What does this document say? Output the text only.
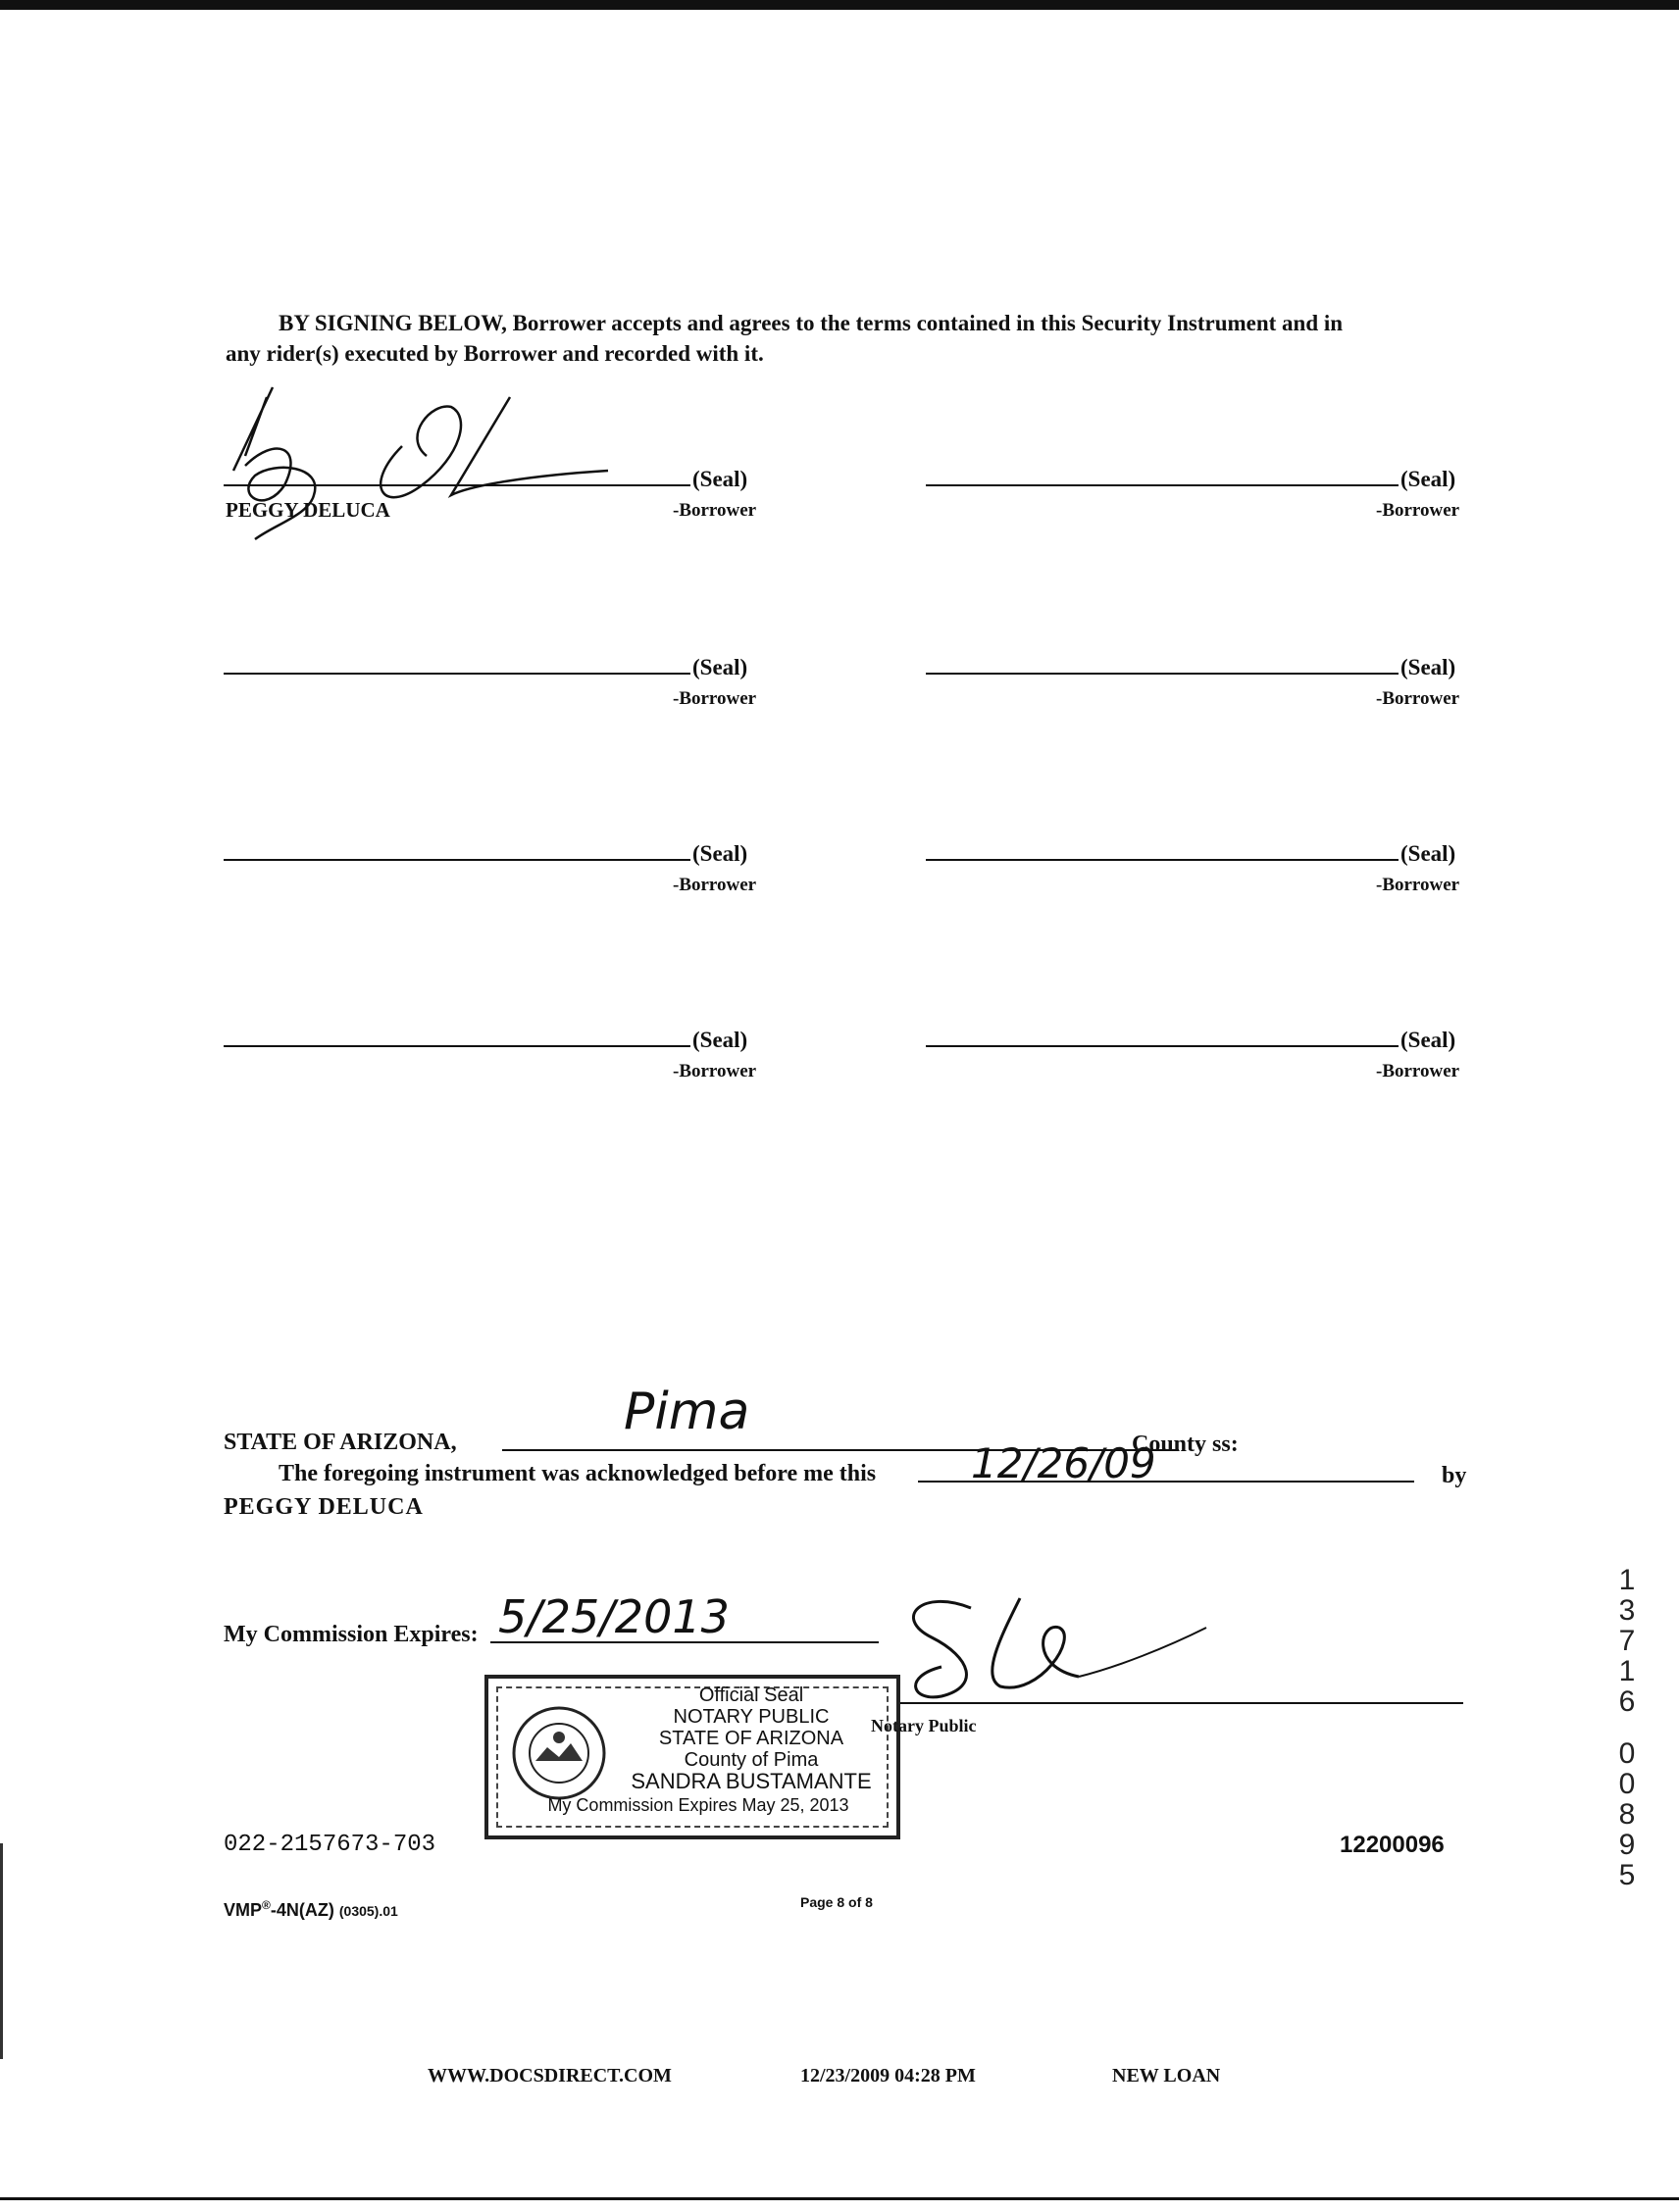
BY SIGNING BELOW, Borrower accepts and agrees to the terms contained in this Security Instrument and in
any rider(s) executed by Borrower and recorded with it.
(Seal)
-Borrower
PEGGY DELUCA
(Seal)
-Borrower
(Seal)
-Borrower
(Seal)
-Borrower
(Seal)
-Borrower
(Seal)
-Borrower
(Seal)
-Borrower
(Seal)
-Borrower
STATE OF ARIZONA,
Pima
County ss:
The foregoing instrument was acknowledged before me this 12/26/09	by
PEGGY DELUCA
My Commission Expires: 5/25/2013
Official Seal
NOTARY PUBLIC
STATE OF ARIZONA
County of Pima
SANDRA BUSTAMANTE
My Commission Expires May 25, 2013
Notary Public
022-2157673-703	12200096
VMP®-4N(AZ) (0305).01
Page 8 of 8
WWW.DOCSDIRECT.COM	12/23/2009 04:28 PM	NEW LOAN
1
3
7
1
6
0
0
8
9
5
